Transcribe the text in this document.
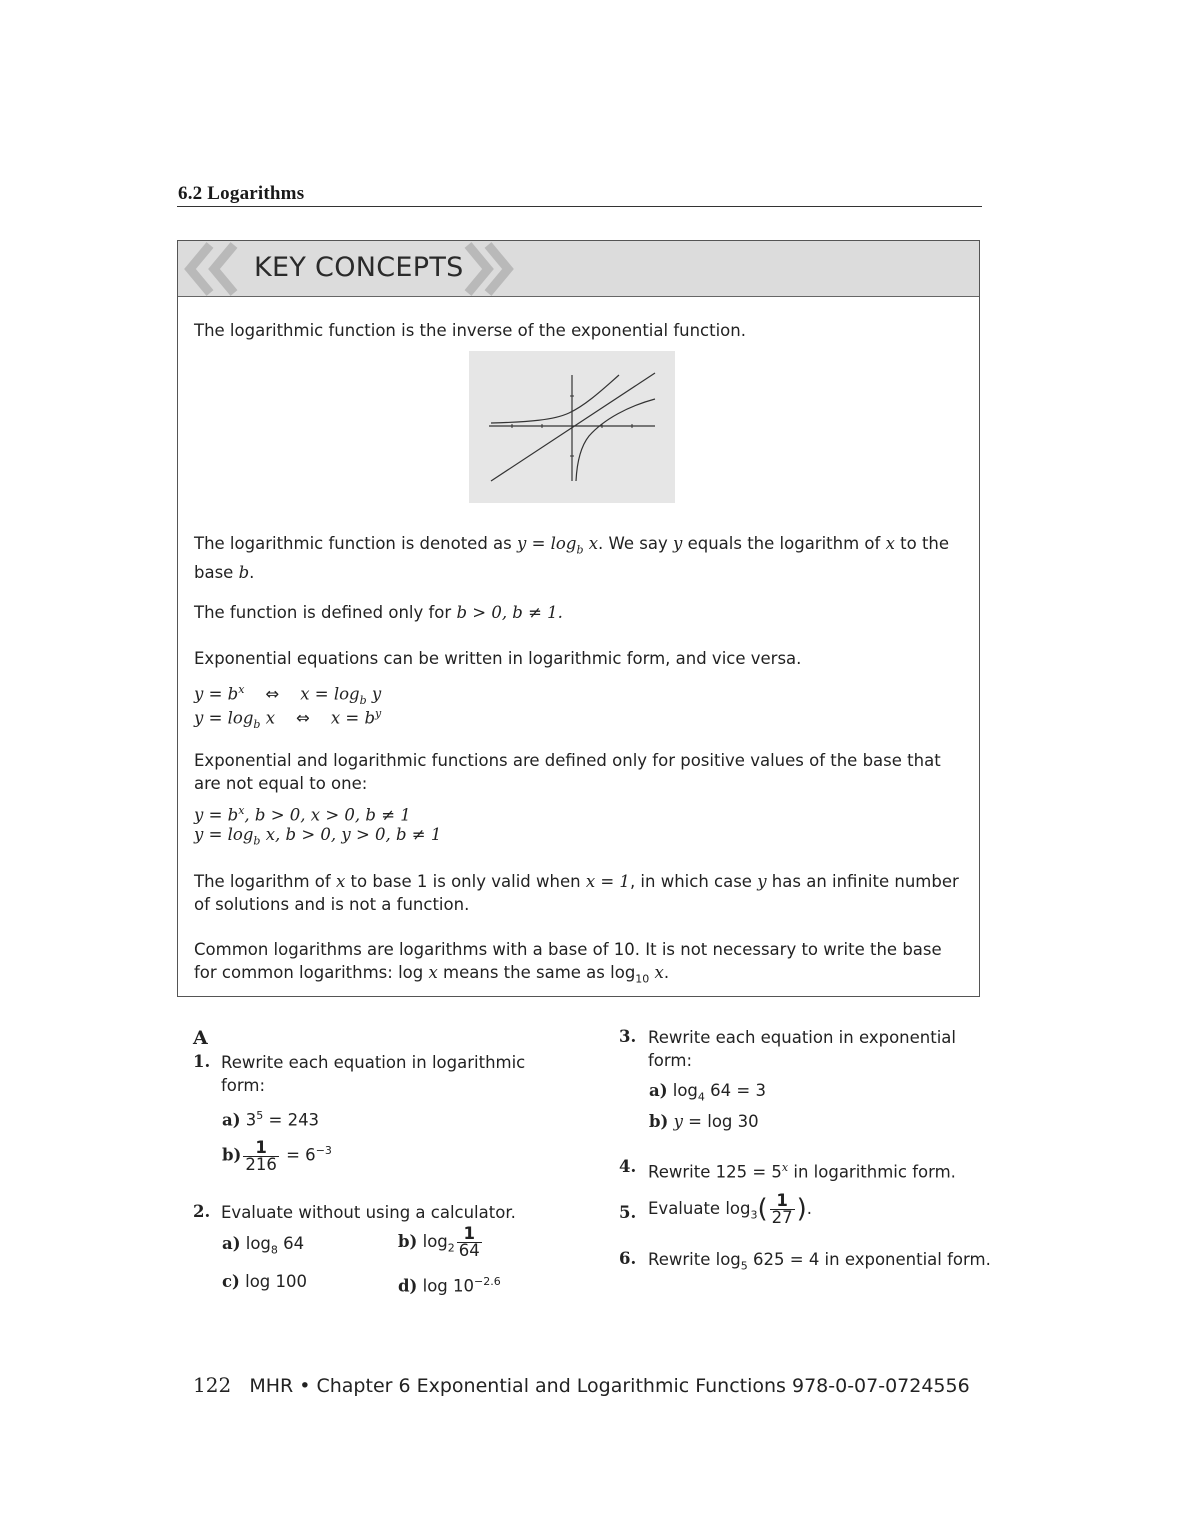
6.2 Logarithms
KEY CONCEPTS

The logarithmic function is the inverse of the exponential function.

The logarithmic function is denoted as $y = \log_b x$. We say y equals the logarithm of x to the base b.

The function is defined only for b > 0, b ≠ 1.

Exponential equations can be written in logarithmic form, and vice versa.

$y = b^x$ ⇔ $x = \log_b y$

$y = \log_b x$ ⇔ $x = b^y$

Exponential and logarithmic functions are defined only for positive values of the base that are not equal to one:

$y = b^x$, b > 0, x > 0, b ≠ 1

$y = \log_b x$, b > 0, y > 0, b ≠ 1

The logarithm of x to base 1 is only valid when x = 1, in which case y has an infinite number of solutions and is not a function.

Common logarithms are logarithms with a base of 10. It is not necessary to write the base for common logarithms: log x means the same as $\log_{10} x$.

A
1. Rewrite each equation in logarithmic form:
a) $3^5 = 243$
$b) \frac{1}{216} = 6^{-3}$
2. Evaluate without using a calculator.
a) $\log_8 64$	b) $\log_2 \frac{1}{64}$
c) log 100	d) $\log 10^{-2.6}$
3. Rewrite each equation in exponential form:
a) $\log_4 64 = 3$
b) y = log 30
4. Rewrite $125 = 5^x$ in logarithmic form.
5. Evaluate $\log_3( \frac{1}{27}$ ).
6. Rewrite $\log_5 625 = 4$ in exponential form.
122 MHR • Chapter 6 Exponential and Logarithmic Functions 978-0-07-0724556
